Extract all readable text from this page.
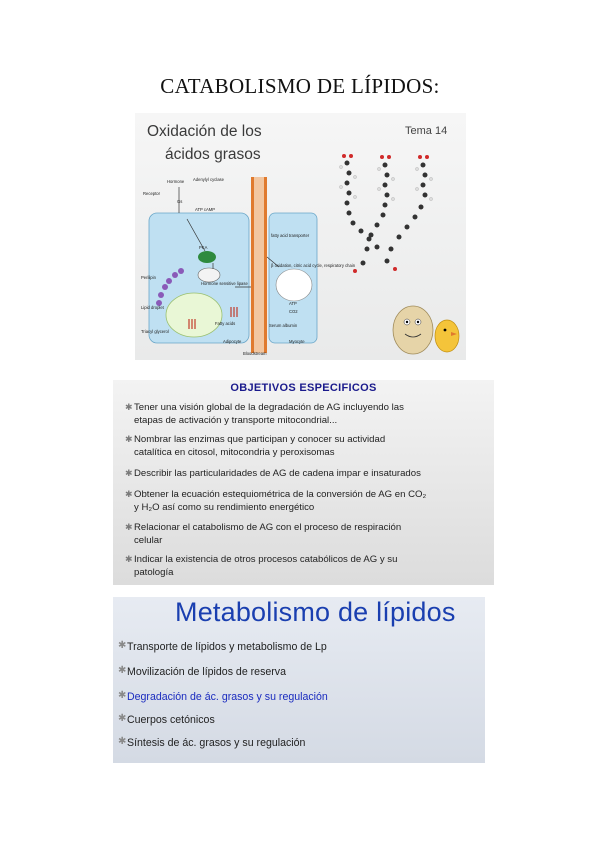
CATABOLISMO DE LÍPIDOS:
Oxidación de los
ácidos grasos
Tema 14
Hormone
Receptor
Adenylyl cyclase
Gs
ATP cAMP
PKA
Hormone sensitive lipase
Perilipin
Lipid droplet
Triacyl glycerol
Fatty acids
fatty acid transporter
β oxidation, citric acid cycle, respiratory chain
ATP
CO2
Serum albumin
Adipocyte	Myocyte
Bloodstream
OBJETIVOS ESPECIFICOS
✱ Tener una visión global de la degradación de AG incluyendo las
etapas de activación y transporte mitocondrial...
✱ Nombrar las enzimas que participan y conocer su actividad
catalítica en citosol, mitocondria y peroxisomas
✱ Describir las particularidades de AG de cadena impar e insaturados
✱ Obtener la ecuación estequiométrica de la conversión de AG en CO₂
y H₂O así como su rendimiento energético
✱ Relacionar el catabolismo de AG con el proceso de respiración
celular
✱ Indicar la existencia de otros procesos catabólicos de AG y su
patología
Metabolismo de lípidos
✱ Transporte de lípidos y metabolismo de Lp
✱ Movilización de lípidos de reserva
✱ Degradación de ác. grasos y su regulación
✱ Cuerpos cetónicos
✱ Síntesis de ác. grasos y su regulación
